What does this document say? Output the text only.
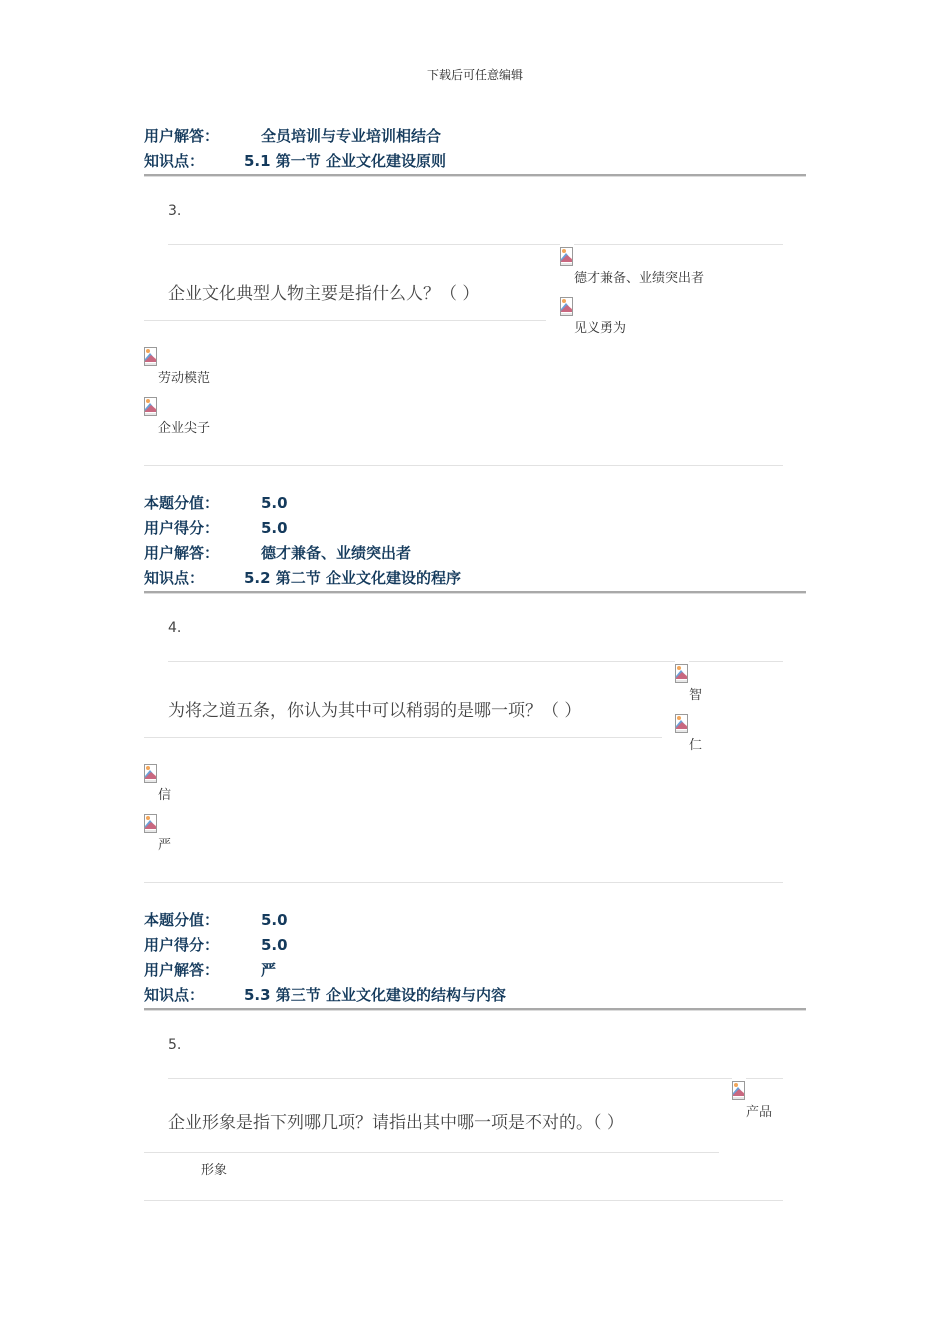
下载后可任意编辑
用户解答：	全员培训与专业培训相结合
知识点：	5.1 第一节 企业文化建设原则
3.
企业文化典型人物主要是指什么人？（ ）
德才兼备、业绩突出者
见义勇为
劳动模范
企业尖子
本题分值：	5.0
用户得分：	5.0
用户解答：	德才兼备、业绩突出者
知识点：	5.2 第二节 企业文化建设的程序
4.
为将之道五条，你认为其中可以稍弱的是哪一项？（ ）
智
仁
信
严
本题分值：	5.0
用户得分：	5.0
用户解答：	严
知识点：	5.3 第三节 企业文化建设的结构与内容
5.
企业形象是指下列哪几项？请指出其中哪一项是不对的。（ ）
产品
形象
